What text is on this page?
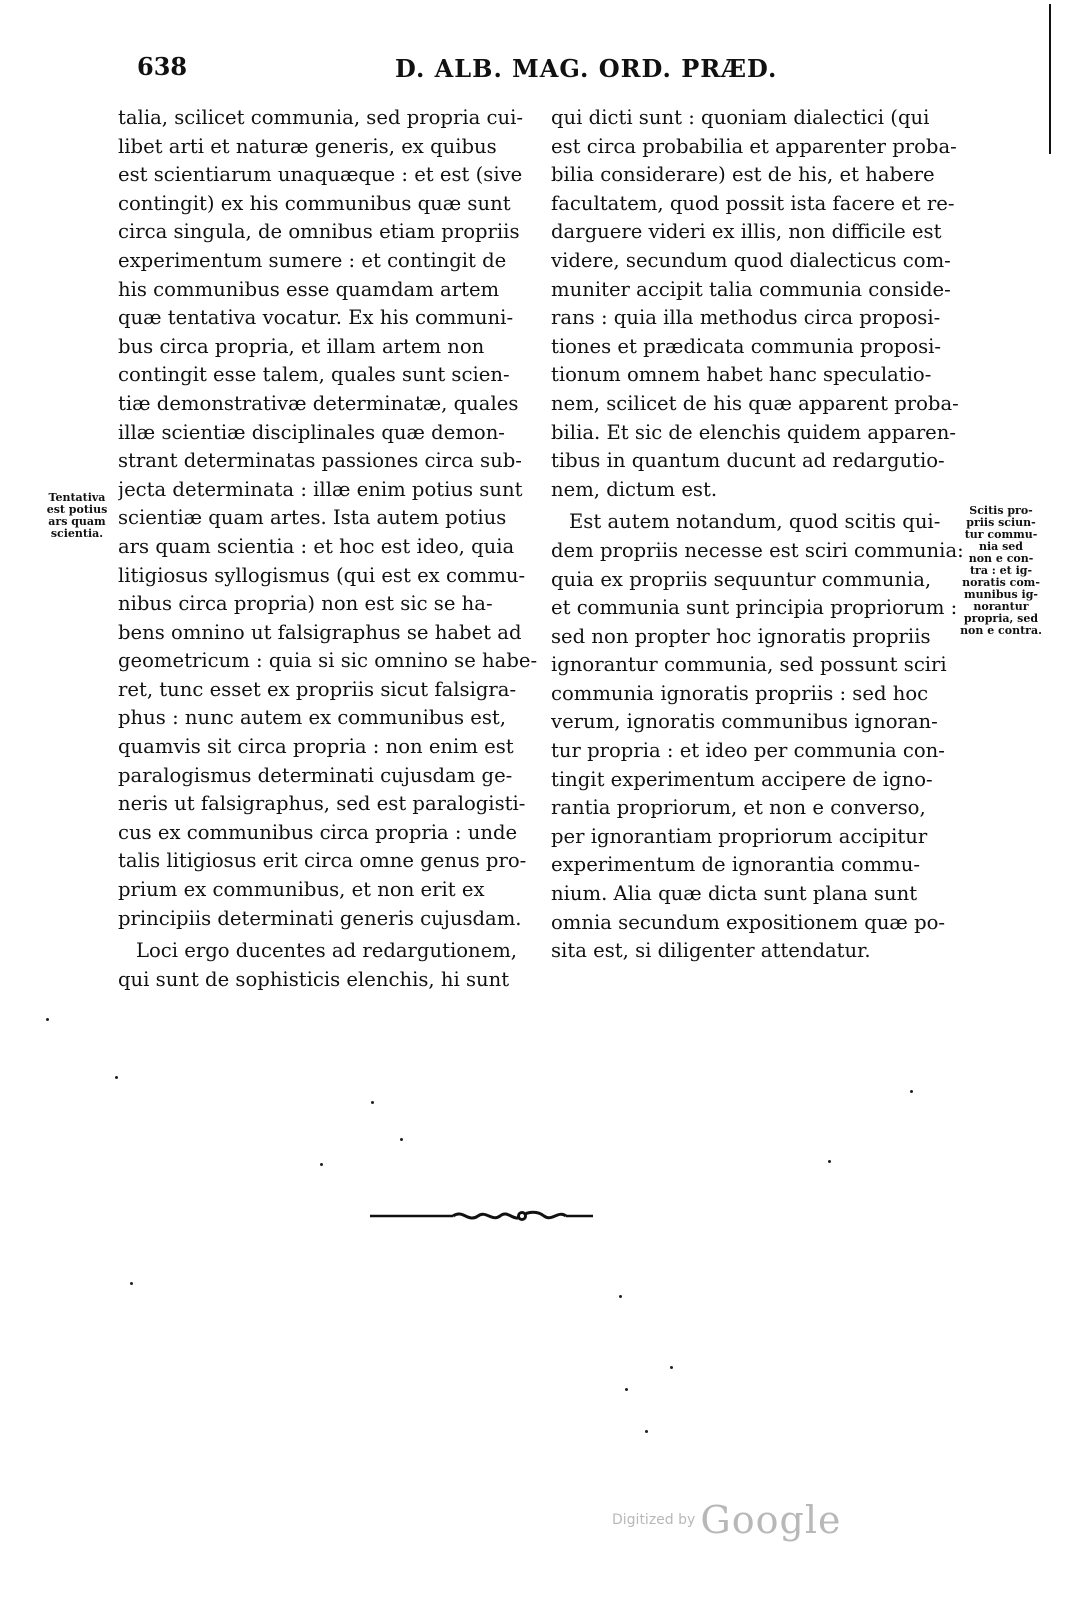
638	D. ALB. MAG. ORD. PRÆD.
Tentativa
est potius
ars quam
scientia.
talia, scilicet communia, sed propria cui-
libet arti et naturæ generis, ex quibus
est scientiarum unaquæque : et est (sive
contingit) ex his communibus quæ sunt
circa singula, de omnibus etiam propriis
experimentum sumere : et contingit de
his communibus esse quamdam artem
quæ tentativa vocatur. Ex his communi-
bus circa propria, et illam artem non
contingit esse talem, quales sunt scien-
tiæ demonstrativæ determinatæ, quales
illæ scientiæ disciplinales quæ demon-
strant determinatas passiones circa sub-
jecta determinata : illæ enim potius sunt
scientiæ quam artes. Ista autem potius
ars quam scientia : et hoc est ideo, quia
litigiosus syllogismus (qui est ex commu-
nibus circa propria) non est sic se ha-
bens omnino ut falsigraphus se habet ad
geometricum : quia si sic omnino se habe-
ret, tunc esset ex propriis sicut falsigra-
phus : nunc autem ex communibus est,
quamvis sit circa propria : non enim est
paralogismus determinati cujusdam ge-
neris ut falsigraphus, sed est paralogisti-
cus ex communibus circa propria : unde
talis litigiosus erit circa omne genus pro-
prium ex communibus, et non erit ex
principiis determinati generis cujusdam.
Loci ergo ducentes ad redargutionem,
qui sunt de sophisticis elenchis, hi sunt
qui dicti sunt : quoniam dialectici (qui
est circa probabilia et apparenter proba-
bilia considerare) est de his, et habere
facultatem, quod possit ista facere et re-
darguere videri ex illis, non difficile est
videre, secundum quod dialecticus com-
muniter accipit talia communia conside-
rans : quia illa methodus circa proposi-
tiones et prædicata communia proposi-
tionum omnem habet hanc speculatio-
nem, scilicet de his quæ apparent proba-
bilia. Et sic de elenchis quidem apparen-
tibus in quantum ducunt ad redargutio-
nem, dictum est.
Est autem notandum, quod scitis qui-
dem propriis necesse est sciri communia:
quia ex propriis sequuntur communia,
et communia sunt principia propriorum :
sed non propter hoc ignoratis propriis
ignorantur communia, sed possunt sciri
communia ignoratis propriis : sed hoc
verum, ignoratis communibus ignoran-
tur propria : et ideo per communia con-
tingit experimentum accipere de igno-
rantia propriorum, et non e converso,
per ignorantiam propriorum accipitur
experimentum de ignorantia commu-
nium. Alia quæ dicta sunt plana sunt
omnia secundum expositionem quæ po-
sita est, si diligenter attendatur.
Scitis pro-
priis sciun-
tur commu-
nia sed
non e con-
tra : et ig-
noratis com-
munibus ig-
norantur
propria, sed
non e contra.
Digitized by Google
